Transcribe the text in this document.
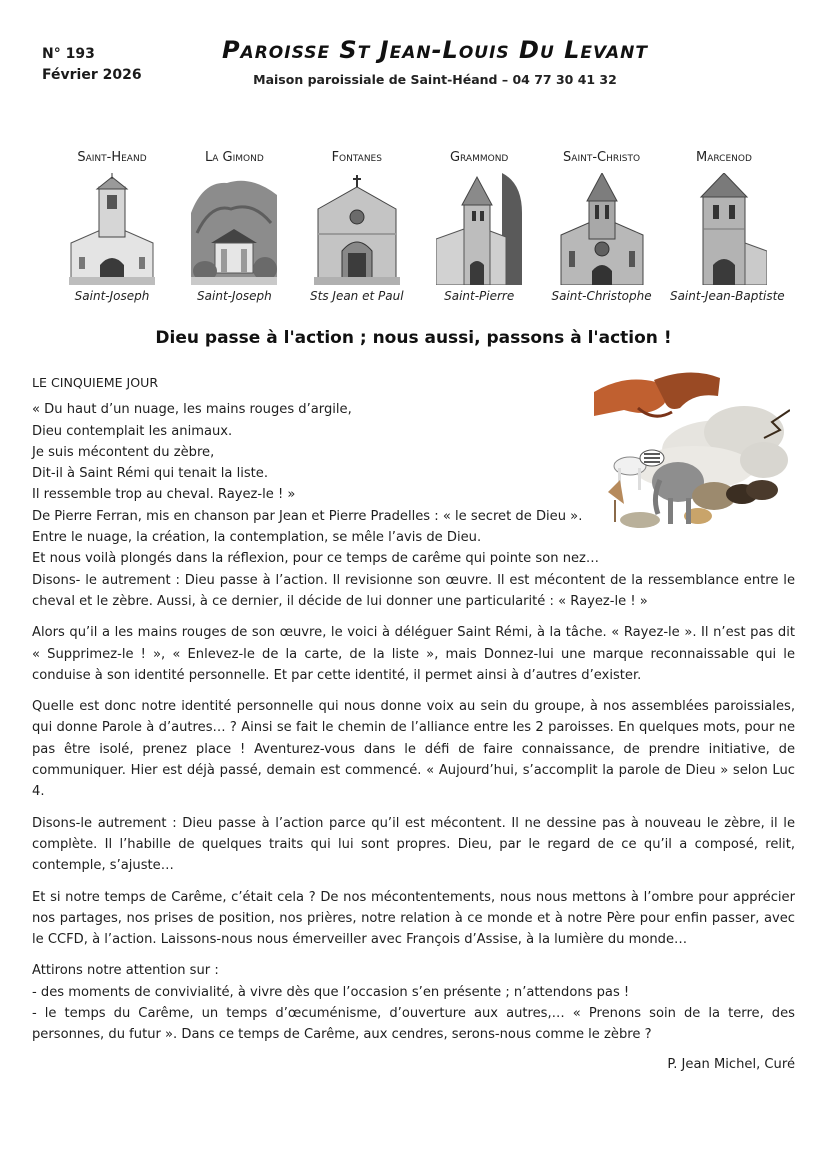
N° 193
Février 2026
Paroisse St Jean-Louis Du Levant
Maison paroissiale de Saint-Héand – 04 77 30 41 32
Saint-Heand
Saint-Joseph
La Gimond
Saint-Joseph
Fontanes
Sts Jean et Paul
Grammond
Saint-Pierre
Saint-Christo
Saint-Christophe
Marcenod
Saint-Jean-Baptiste
Dieu passe à l'action ; nous aussi, passons à l'action !
LE CINQUIEME JOUR

« Du haut d’un nuage, les mains rouges d’argile,

Dieu contemplait les animaux.

Je suis mécontent du zèbre,

Dit-il à Saint Rémi qui tenait la liste.

Il ressemble trop au cheval. Rayez-le ! »

De Pierre Ferran, mis en chanson par Jean et Pierre Pradelles : « le secret de Dieu ».

Entre le nuage, la création, la contemplation, se mêle l’avis de Dieu.

Et nous voilà plongés dans la réflexion, pour ce temps de carême qui pointe son nez…

Disons- le autrement : Dieu passe à l’action. Il revisionne son œuvre. Il est mécontent de la ressemblance entre le cheval et le zèbre. Aussi, à ce dernier, il décide de lui donner une particularité : « Rayez-le ! »

Alors qu’il a les mains rouges de son œuvre, le voici à déléguer Saint Rémi, à la tâche. « Rayez-le ». Il n’est pas dit « Supprimez-le ! », « Enlevez-le de la carte, de la liste », mais Donnez-lui une marque reconnaissable qui le conduise à son identité personnelle. Et par cette identité, il permet ainsi à d’autres d’exister.

Quelle est donc notre identité personnelle qui nous donne voix au sein du groupe, à nos assemblées paroissiales, qui donne Parole à d’autres… ? Ainsi se fait le chemin de l’alliance entre les 2 paroisses. En quelques mots, pour ne pas être isolé, prenez place ! Aventurez-vous dans le défi de faire connaissance, de prendre initiative, de communiquer. Hier est déjà passé, demain est commencé. « Aujourd’hui, s’accomplit la parole de Dieu » selon Luc 4.

Disons-le autrement : Dieu passe à l’action parce qu’il est mécontent. Il ne dessine pas à nouveau le zèbre, il le complète. Il l’habille de quelques traits qui lui sont propres. Dieu, par le regard de ce qu’il a composé, relit, contemple, s’ajuste…

Et si notre temps de Carême, c’était cela ? De nos mécontentements, nous nous mettons à l’ombre pour apprécier nos partages, nos prises de position, nos prières, notre relation à ce monde et à notre Père pour enfin passer, avec le CCFD, à l’action. Laissons-nous nous émerveiller avec François d’Assise, à la lumière du monde…

Attirons notre attention sur :

- des moments de convivialité, à vivre dès que l’occasion s’en présente ; n’attendons pas !

- le temps du Carême, un temps d’œcuménisme, d’ouverture aux autres,… « Prenons soin de la terre, des personnes, du futur ». Dans ce temps de Carême, aux cendres, serons-nous comme le zèbre ?

P. Jean Michel, Curé
